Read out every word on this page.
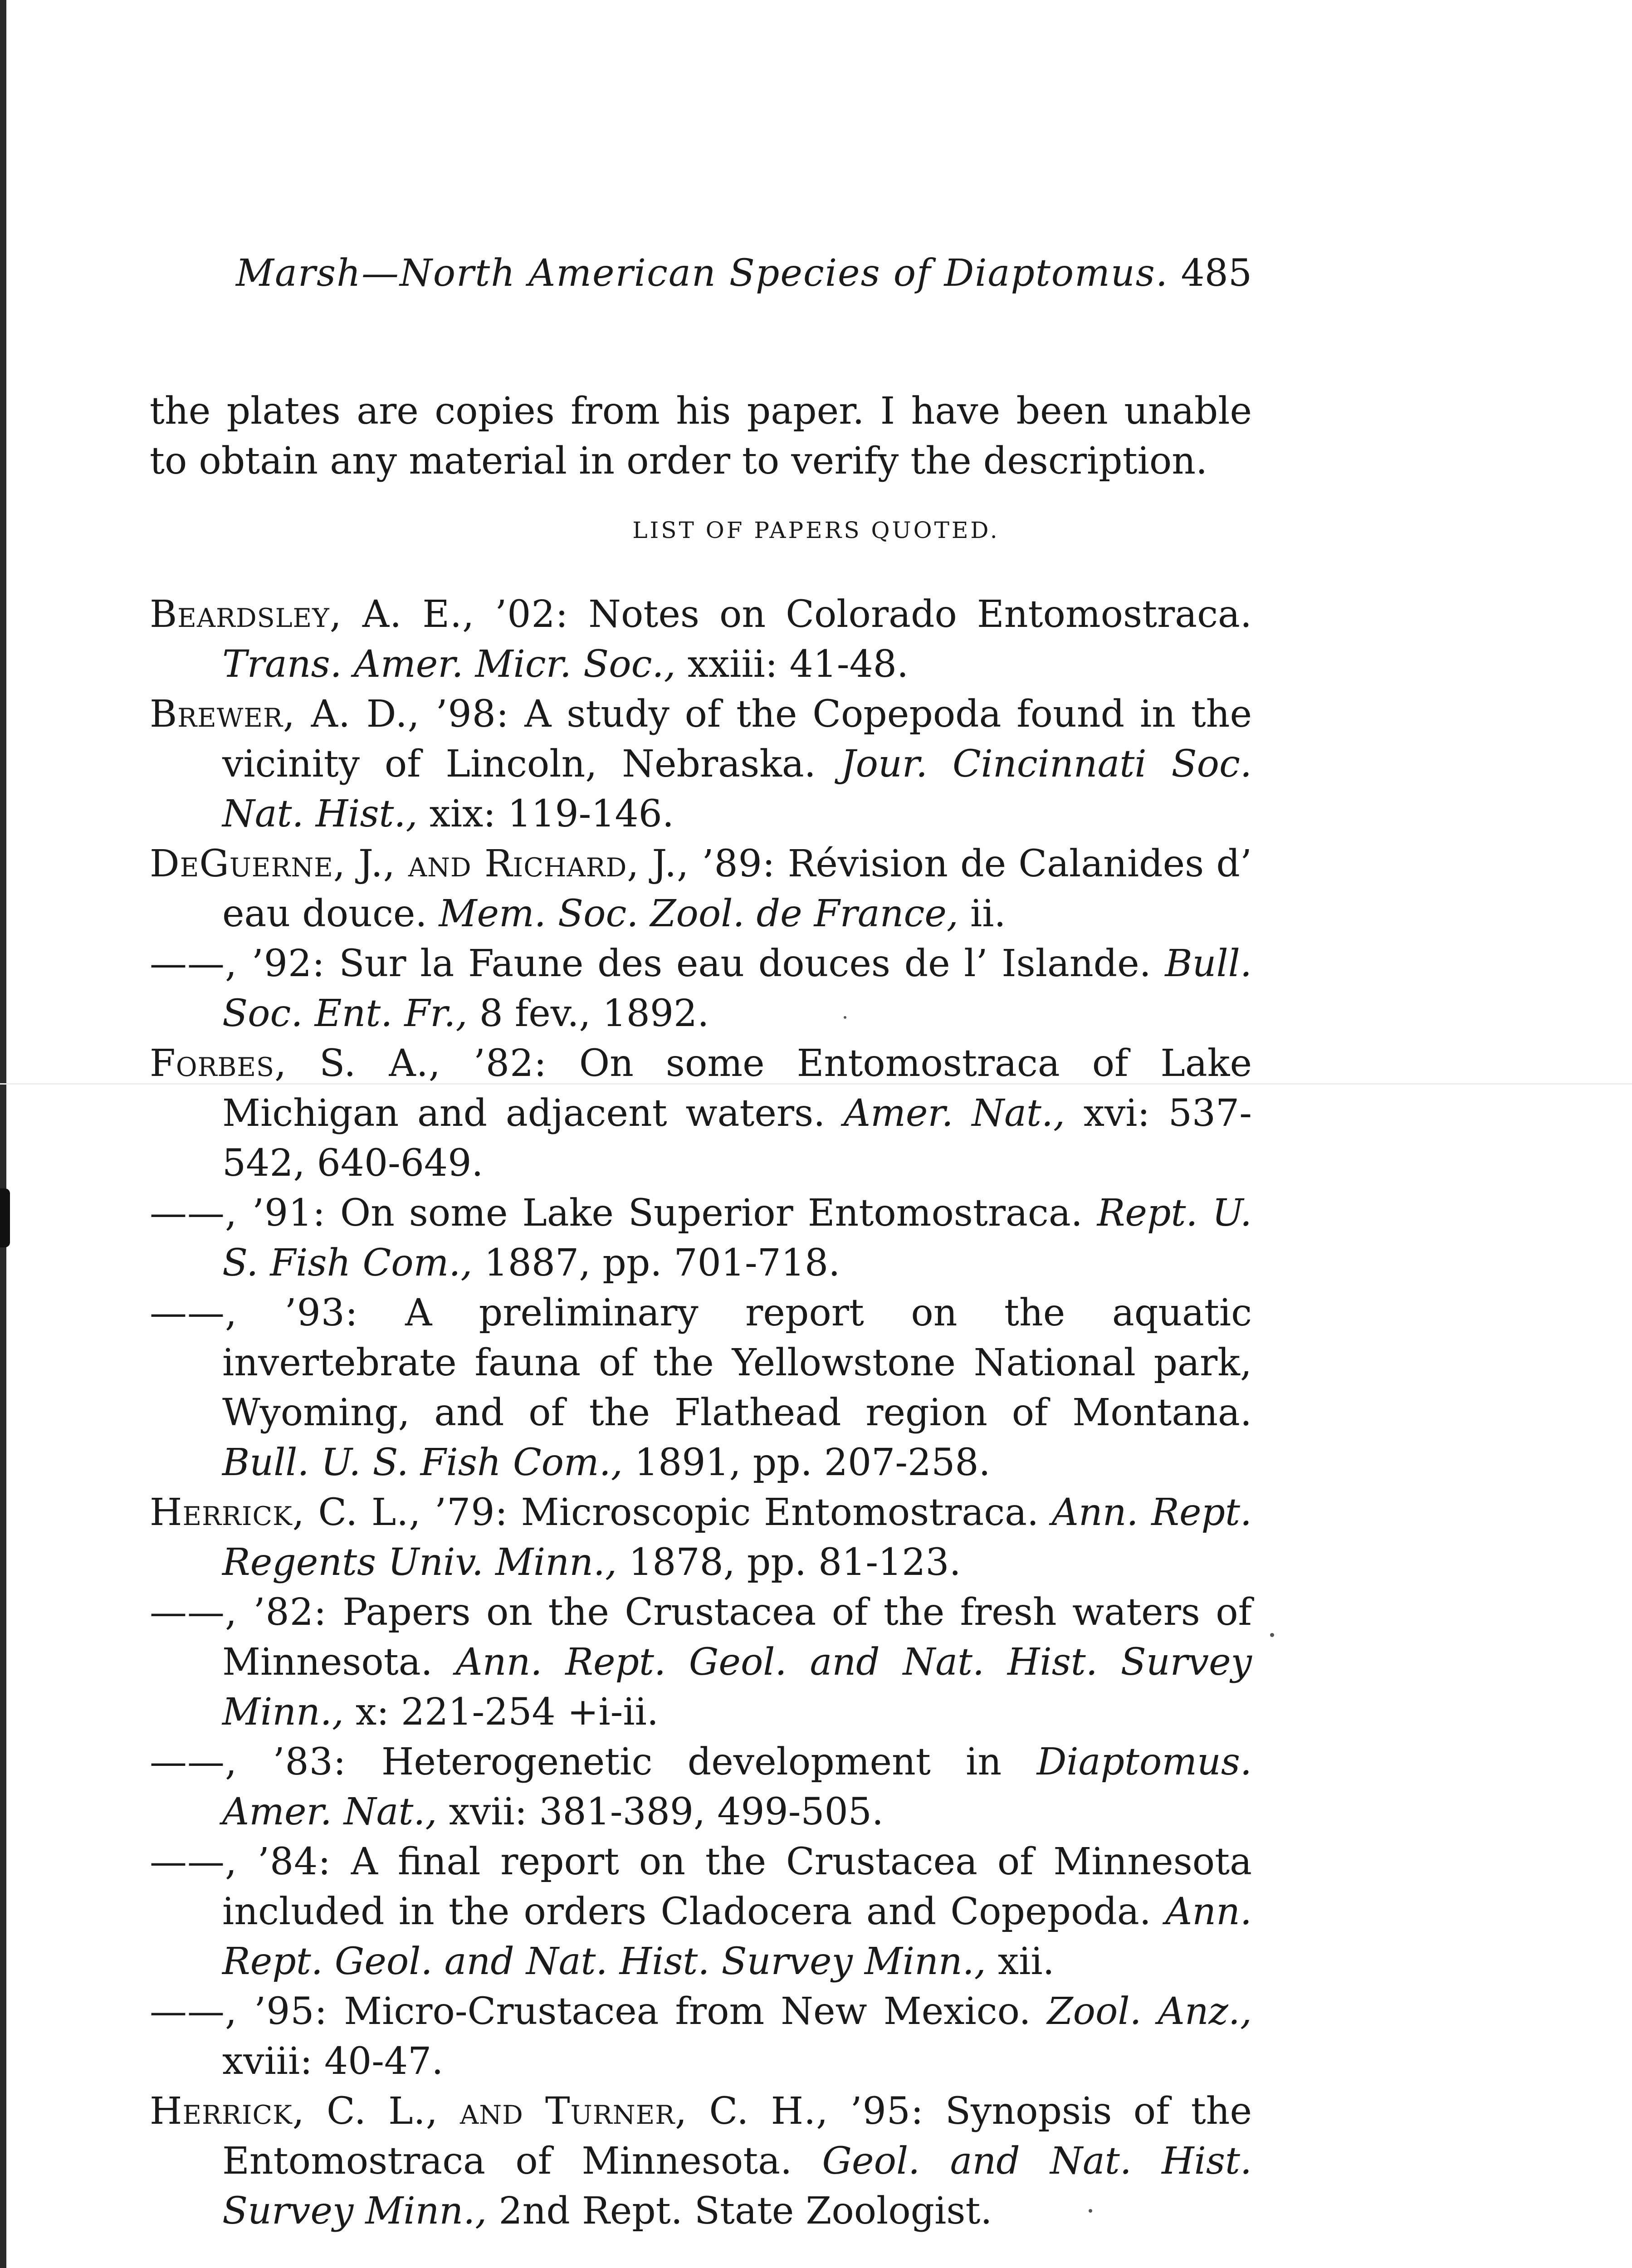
Marsh—North American Species of Diaptomus. 485

the plates are copies from his paper. I have been unable to obtain any material in order to verify the description.

LIST OF PAPERS QUOTED.
Beardsley, A. E., ’02: Notes on Colorado Entomostraca. Trans. Amer. Micr. Soc., xxiii: 41-48.
Brewer, A. D., ’98: A study of the Copepoda found in the vicinity of Lincoln, Nebraska. Jour. Cincinnati Soc. Nat. Hist., xix: 119-146.
DeGuerne, J., and Richard, J., ’89: Révision de Calanides d’ eau douce. Mem. Soc. Zool. de France, ii.
——, ’92: Sur la Faune des eau douces de l’ Islande. Bull. Soc. Ent. Fr., 8 fev., 1892.
Forbes, S. A., ’82: On some Entomostraca of Lake Michigan and adjacent waters. Amer. Nat., xvi: 537-542, 640-649.
——, ’91: On some Lake Superior Entomostraca. Rept. U. S. Fish Com., 1887, pp. 701-718.
——, ’93: A preliminary report on the aquatic invertebrate fauna of the Yellowstone National park, Wyoming, and of the Flathead region of Montana. Bull. U. S. Fish Com., 1891, pp. 207-258.
Herrick, C. L., ’79: Microscopic Entomostraca. Ann. Rept. Regents Univ. Minn., 1878, pp. 81-123.
——, ’82: Papers on the Crustacea of the fresh waters of Minnesota. Ann. Rept. Geol. and Nat. Hist. Survey Minn., x: 221-254 +i-ii.
——, ’83: Heterogenetic development in Diaptomus. Amer. Nat., xvii: 381-389, 499-505.
——, ’84: A final report on the Crustacea of Minnesota included in the orders Cladocera and Copepoda. Ann. Rept. Geol. and Nat. Hist. Survey Minn., xii.
——, ’95: Micro-Crustacea from New Mexico. Zool. Anz., xviii: 40-47.
Herrick, C. L., and Turner, C. H., ’95: Synopsis of the Entomostraca of Minnesota. Geol. and Nat. Hist. Survey Minn., 2nd Rept. State Zoologist.
